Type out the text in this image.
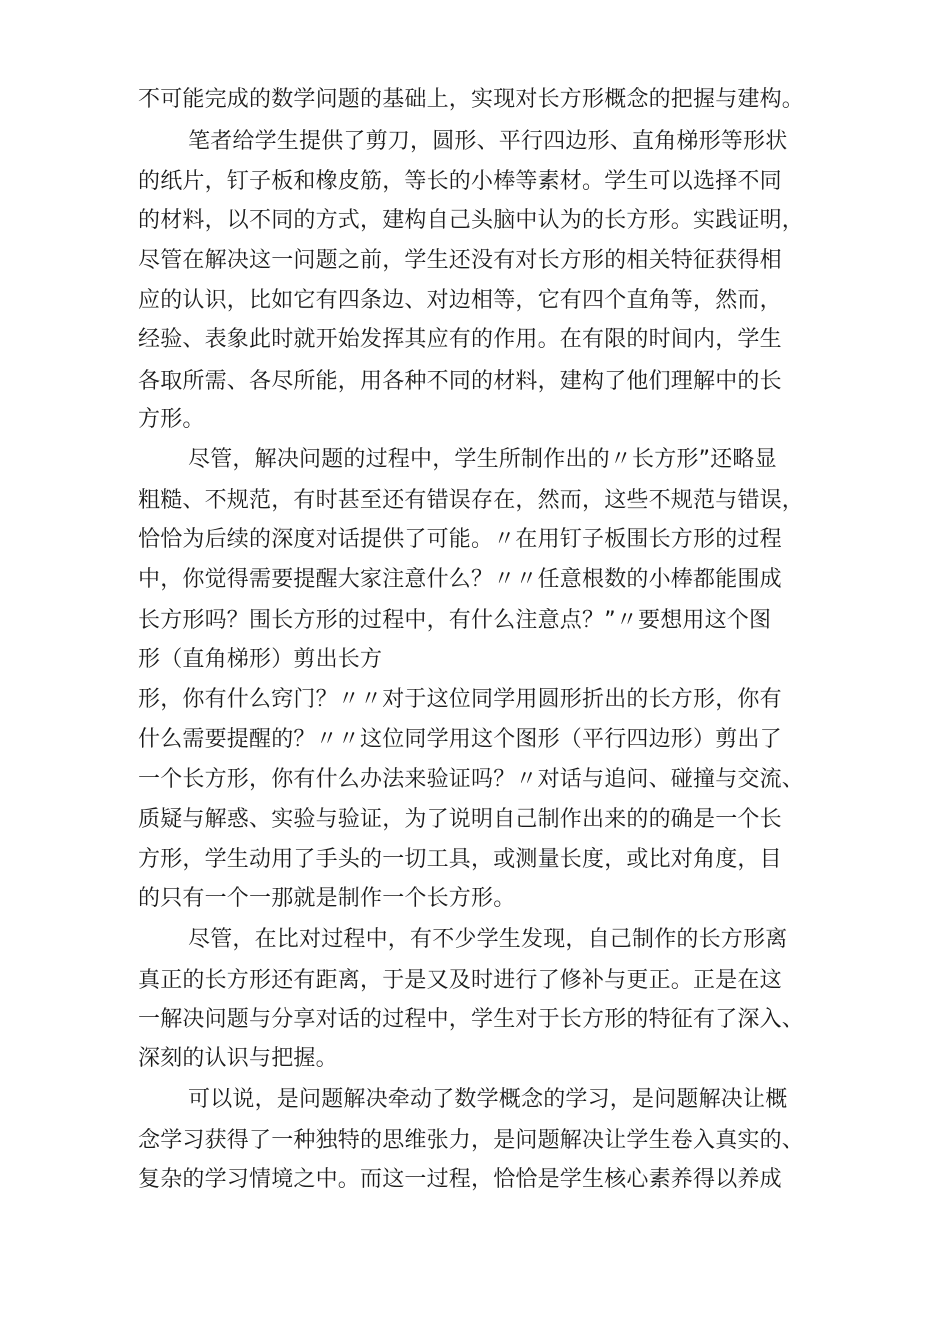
不可能完成的数学问题的基础上，实现对长方形概念的把握与建构。
笔者给学生提供了剪刀，圆形、平行四边形、直角梯形等形状
的纸片，钉子板和橡皮筋，等长的小棒等素材。学生可以选择不同
的材料，以不同的方式，建构自己头脑中认为的长方形。实践证明，
尽管在解决这一问题之前，学生还没有对长方形的相关特征获得相
应的认识，比如它有四条边、对边相等，它有四个直角等，然而，
经验、表象此时就开始发挥其应有的作用。在有限的时间内，学生
各取所需、各尽所能，用各种不同的材料，建构了他们理解中的长
方形。
尽管，解决问题的过程中，学生所制作出的〃长方形”还略显
粗糙、不规范，有时甚至还有错误存在，然而，这些不规范与错误，
恰恰为后续的深度对话提供了可能。〃在用钉子板围长方形的过程
中，你觉得需要提醒大家注意什么？〃〃任意根数的小棒都能围成
长方形吗？围长方形的过程中，有什么注意点？”〃要想用这个图
形（直角梯形）剪出长方
形，你有什么窍门？〃〃对于这位同学用圆形折出的长方形，你有
什么需要提醒的？〃〃这位同学用这个图形（平行四边形）剪出了
一个长方形，你有什么办法来验证吗？〃对话与追问、碰撞与交流、
质疑与解惑、实验与验证，为了说明自己制作出来的的确是一个长
方形，学生动用了手头的一切工具，或测量长度，或比对角度，目
的只有一个一那就是制作一个长方形。
尽管，在比对过程中，有不少学生发现，自己制作的长方形离
真正的长方形还有距离，于是又及时进行了修补与更正。正是在这
一解决问题与分享对话的过程中，学生对于长方形的特征有了深入、
深刻的认识与把握。
可以说，是问题解决牵动了数学概念的学习，是问题解决让概
念学习获得了一种独特的思维张力，是问题解决让学生卷入真实的、
复杂的学习情境之中。而这一过程，恰恰是学生核心素养得以养成
